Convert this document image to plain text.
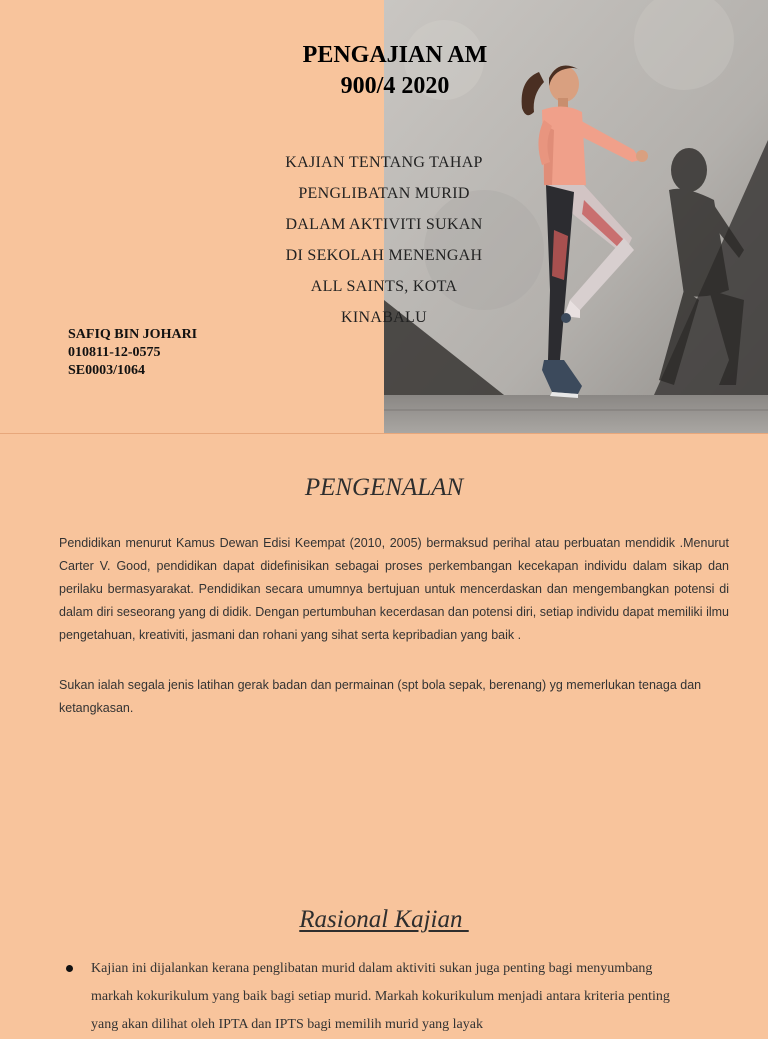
PENGAJIAN AM
900/4 2020
KAJIAN TENTANG TAHAP
PENGLIBATAN MURID
DALAM AKTIVITI SUKAN
DI SEKOLAH MENENGAH
ALL SAINTS, KOTA
KINABALU
SAFIQ BIN JOHARI
010811-12-0575
SE0003/1064
PENGENALAN
Pendidikan menurut Kamus Dewan Edisi Keempat (2010, 2005) bermaksud perihal atau perbuatan mendidik .Menurut Carter V. Good, pendidikan dapat didefinisikan sebagai proses perkembangan kecekapan individu dalam sikap dan perilaku bermasyarakat. Pendidikan secara umumnya bertujuan untuk mencerdaskan dan mengembangkan potensi di dalam diri seseorang yang di didik. Dengan pertumbuhan kecerdasan dan potensi diri, setiap individu dapat memiliki ilmu pengetahuan, kreativiti, jasmani dan rohani yang sihat serta kepribadian yang baik .
Sukan ialah segala jenis latihan gerak badan dan permainan (spt bola sepak, berenang) yg memerlukan tenaga dan ketangkasan.
Rasional Kajian
Kajian ini dijalankan kerana penglibatan murid dalam aktiviti sukan juga penting bagi menyumbang markah kokurikulum yang baik bagi setiap murid. Markah kokurikulum menjadi antara kriteria penting yang akan dilihat oleh IPTA dan IPTS bagi memilih murid yang layak
